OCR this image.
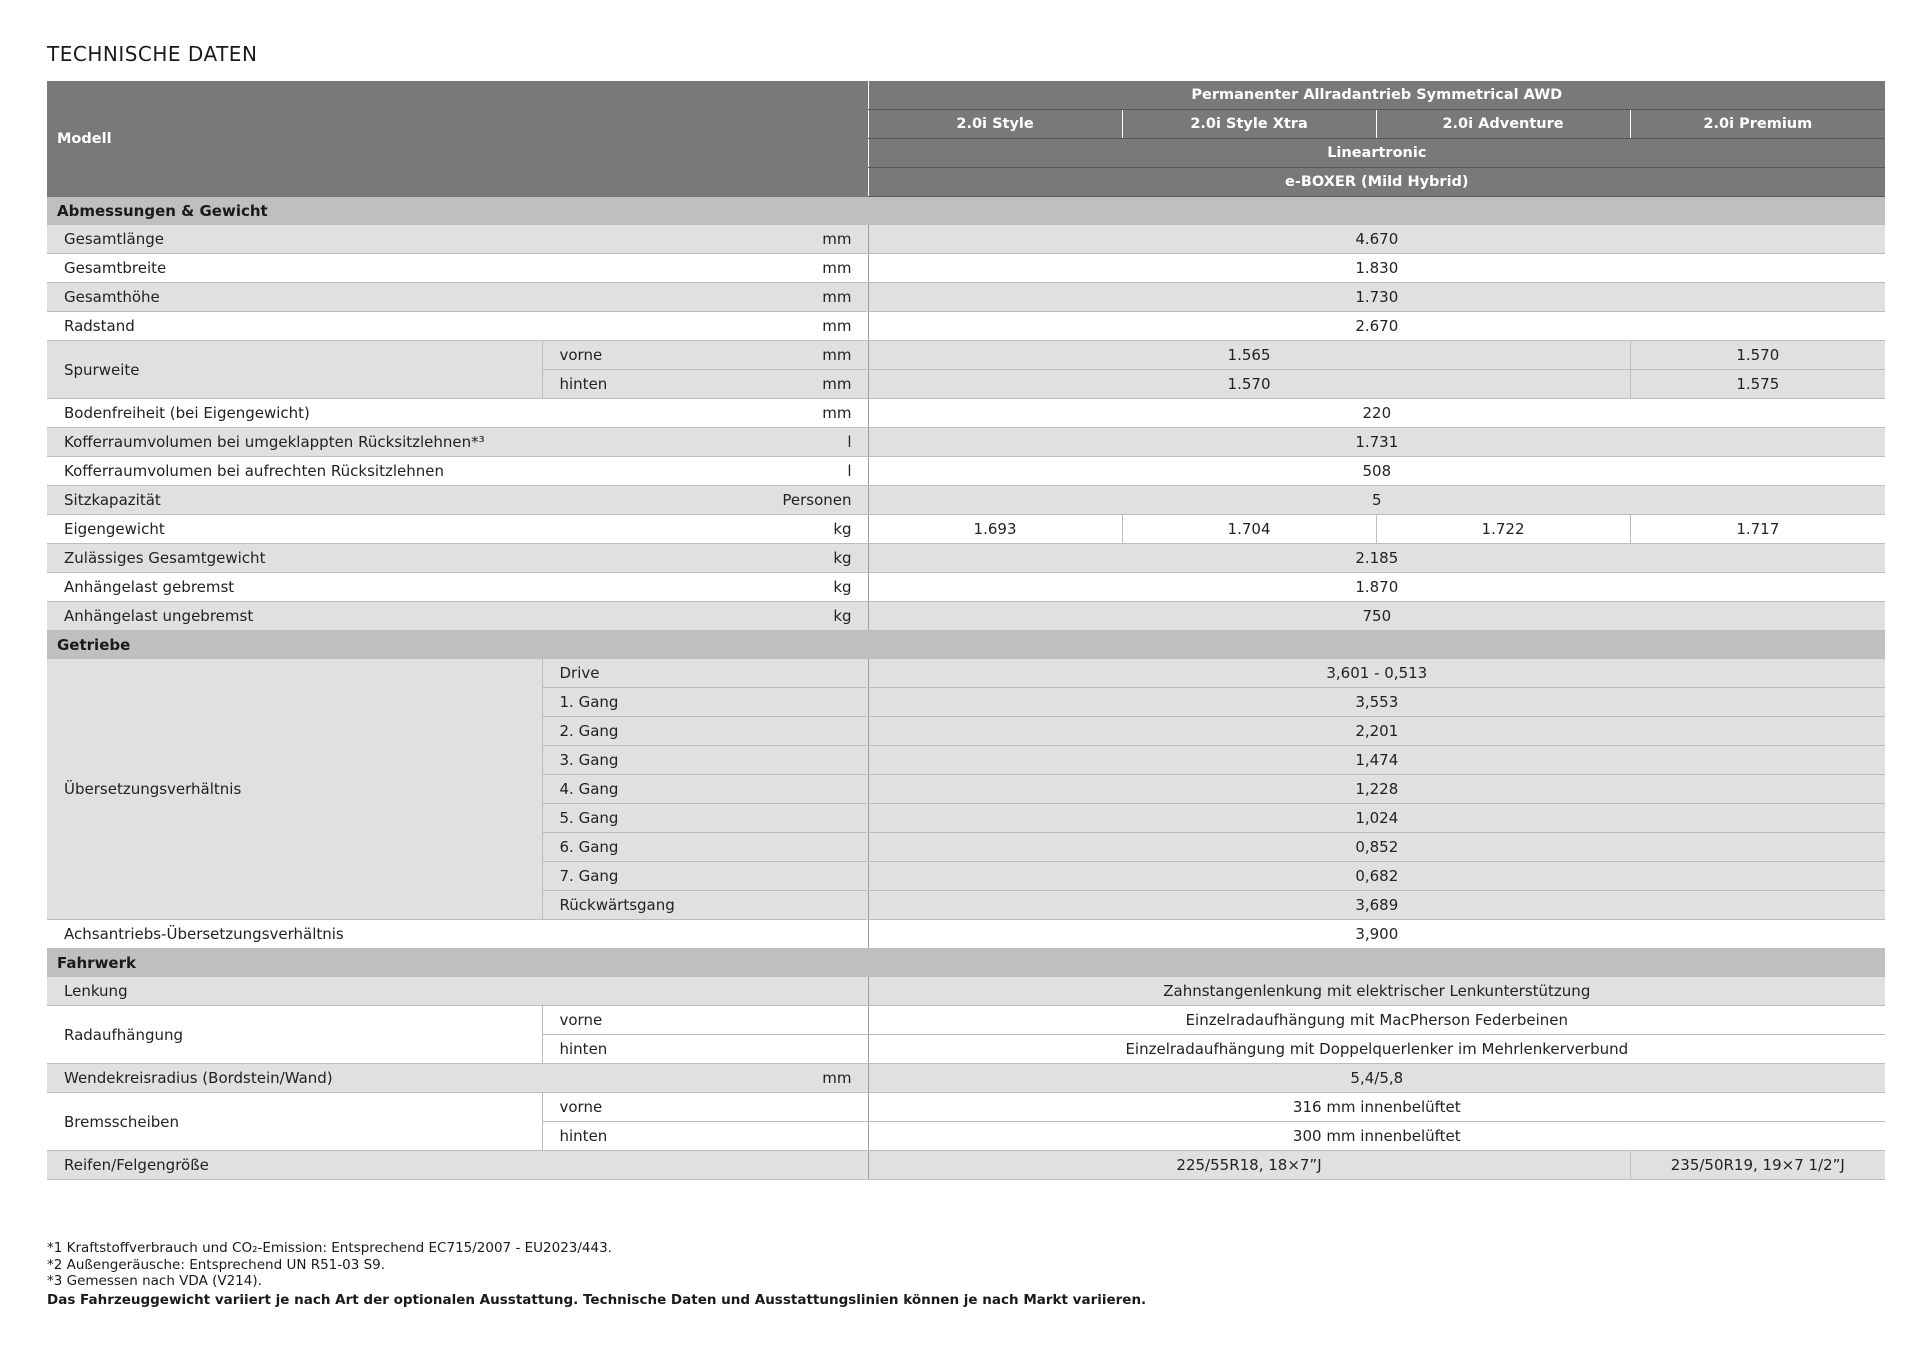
TECHNISCHE DATEN
Modell			Permanenter Allradantrieb Symmetrical AWD			
			2.0i Style	2.0i Style Xtra	2.0i Adventure	2.0i Premium
			Lineartronic			
			e-BOXER (Mild Hybrid)			
Abmessungen & Gewicht						
Gesamtlänge		mm	4.670			
Gesamtbreite		mm	1.830			
Gesamthöhe		mm	1.730			
Radstand		mm	2.670			
Spurweite	vorne	mm	1.565			1.570
	hinten	mm	1.570			1.575
Bodenfreiheit (bei Eigengewicht)		mm	220			
Kofferraumvolumen bei umgeklappten Rücksitzlehnen*³		l	1.731			
Kofferraumvolumen bei aufrechten Rücksitzlehnen		l	508			
Sitzkapazität		Personen	5			
Eigengewicht		kg	1.693	1.704	1.722	1.717
Zulässiges Gesamtgewicht		kg	2.185			
Anhängelast gebremst		kg	1.870			
Anhängelast ungebremst		kg	750			
Getriebe						
Übersetzungsverhältnis	Drive		3,601 - 0,513			
	1. Gang		3,553			
	2. Gang		2,201			
	3. Gang		1,474			
	4. Gang		1,228			
	5. Gang		1,024			
	6. Gang		0,852			
	7. Gang		0,682			
	Rückwärtsgang		3,689			
Achsantriebs-Übersetzungsverhältnis			3,900			
Fahrwerk						
Lenkung			Zahnstangenlenkung mit elektrischer Lenkunterstützung			
Radaufhängung	vorne		Einzelradaufhängung mit MacPherson Federbeinen			
	hinten		Einzelradaufhängung mit Doppelquerlenker im Mehrlenkerverbund			
Wendekreisradius (Bordstein/Wand)		mm	5,4/5,8			
Bremsscheiben	vorne		316 mm innenbelüftet			
	hinten		300 mm innenbelüftet			
Reifen/Felgengröße			225/55R18, 18×7”J			235/50R19, 19×7 1/2”J
*1 Kraftstoffverbrauch und CO₂-Emission: Entsprechend EC715/2007 - EU2023/443.
*2 Außengeräusche: Entsprechend UN R51-03 S9.
*3 Gemessen nach VDA (V214).
Das Fahrzeuggewicht variiert je nach Art der optionalen Ausstattung. Technische Daten und Ausstattungslinien können je nach Markt variieren.
